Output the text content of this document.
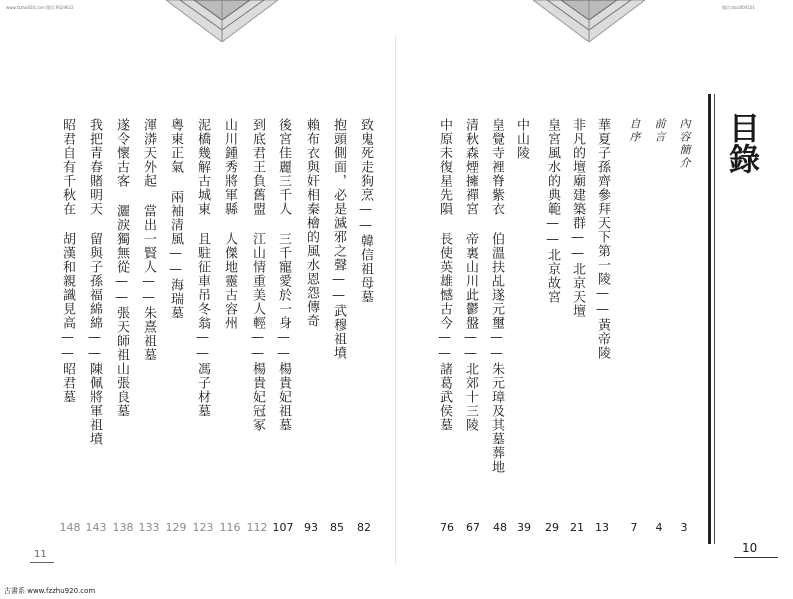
www.fzzhu920.com 微信:RS29632	微信:stnz000101
目錄
內容簡介
前言
自序
華夏子孫齊參拜天下第一陵——黃帝陵
非凡的壇廟建築群——北京天壇
皇宮風水的典範——北京故宮
中山陵
皇覺寺裡脊紫衣 伯溫扶乩遂元璽——朱元璋及其墓葬地
清秋森煙擁禪宮 帝裏山川此鬱盤——北郊十三陵
中原未復星先隕 長使英雄憾古今——諸葛武侯墓
致鬼死走狗烹——韓信祖母墓
抱頭側面，必是滅邪之聲——武穆祖墳
賴布衣與奸相秦檜的風水恩怨傳奇
後宮佳麗三千人 三千寵愛於一身——楊貴妃祖墓
到底君王負舊盟 江山情重美人輕——楊貴妃冠冢
山川鍾秀將軍縣 人傑地靈古容州
泥橋幾解古城東 且駐征車吊冬翁——馮子材墓
粵東正氣 兩袖清風——海瑞墓
渾漭天外起 當出一賢人——朱熹祖墓
遂令懷古客 灑淚獨無從——張天師祖山張良墓
我把青春賭明天 留與子孫福綿綿——陳佩將軍祖墳
昭君自有千秋在 胡漢和親識見高——昭君墓
3
4
7
13
21
29
39
48
67
76
82
85
93
107
112
116
123
129
133
138
143
148
10
11
古書系 www.fzzhu920.com
